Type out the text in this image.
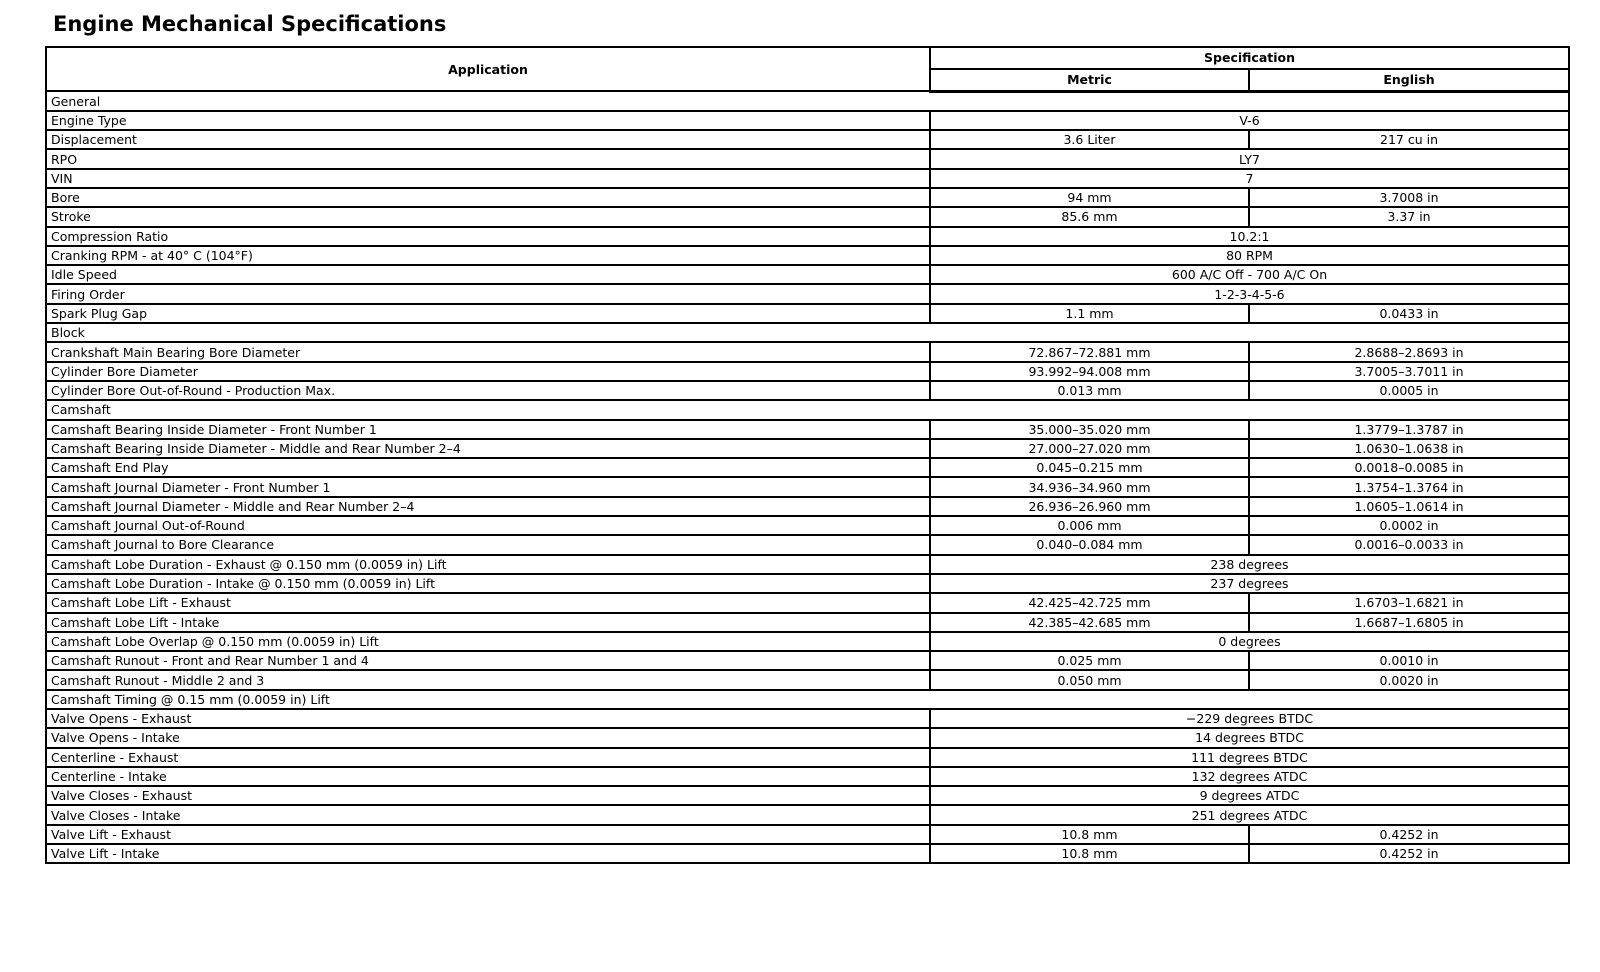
Engine Mechanical Specifications
Application	Specification	
	Metric	English
General		
Engine Type	V-6	
Displacement	3.6 Liter	217 cu in
RPO	LY7	
VIN	7	
Bore	94 mm	3.7008 in
Stroke	85.6 mm	3.37 in
Compression Ratio	10.2:1	
Cranking RPM - at 40° C (104°F)	80 RPM	
Idle Speed	600 A/C Off - 700 A/C On	
Firing Order	1-2-3-4-5-6	
Spark Plug Gap	1.1 mm	0.0433 in
Block		
Crankshaft Main Bearing Bore Diameter	72.867–72.881 mm	2.8688–2.8693 in
Cylinder Bore Diameter	93.992–94.008 mm	3.7005–3.7011 in
Cylinder Bore Out-of-Round - Production Max.	0.013 mm	0.0005 in
Camshaft		
Camshaft Bearing Inside Diameter - Front Number 1	35.000–35.020 mm	1.3779–1.3787 in
Camshaft Bearing Inside Diameter - Middle and Rear Number 2–4	27.000–27.020 mm	1.0630–1.0638 in
Camshaft End Play	0.045–0.215 mm	0.0018–0.0085 in
Camshaft Journal Diameter - Front Number 1	34.936–34.960 mm	1.3754–1.3764 in
Camshaft Journal Diameter - Middle and Rear Number 2–4	26.936–26.960 mm	1.0605–1.0614 in
Camshaft Journal Out-of-Round	0.006 mm	0.0002 in
Camshaft Journal to Bore Clearance	0.040–0.084 mm	0.0016–0.0033 in
Camshaft Lobe Duration - Exhaust @ 0.150 mm (0.0059 in) Lift	238 degrees	
Camshaft Lobe Duration - Intake @ 0.150 mm (0.0059 in) Lift	237 degrees	
Camshaft Lobe Lift - Exhaust	42.425–42.725 mm	1.6703–1.6821 in
Camshaft Lobe Lift - Intake	42.385–42.685 mm	1.6687–1.6805 in
Camshaft Lobe Overlap @ 0.150 mm (0.0059 in) Lift	0 degrees	
Camshaft Runout - Front and Rear Number 1 and 4	0.025 mm	0.0010 in
Camshaft Runout - Middle 2 and 3	0.050 mm	0.0020 in
Camshaft Timing @ 0.15 mm (0.0059 in) Lift		
Valve Opens - Exhaust	−229 degrees BTDC	
Valve Opens - Intake	14 degrees BTDC	
Centerline - Exhaust	111 degrees BTDC	
Centerline - Intake	132 degrees ATDC	
Valve Closes - Exhaust	9 degrees ATDC	
Valve Closes - Intake	251 degrees ATDC	
Valve Lift - Exhaust	10.8 mm	0.4252 in
Valve Lift - Intake	10.8 mm	0.4252 in
